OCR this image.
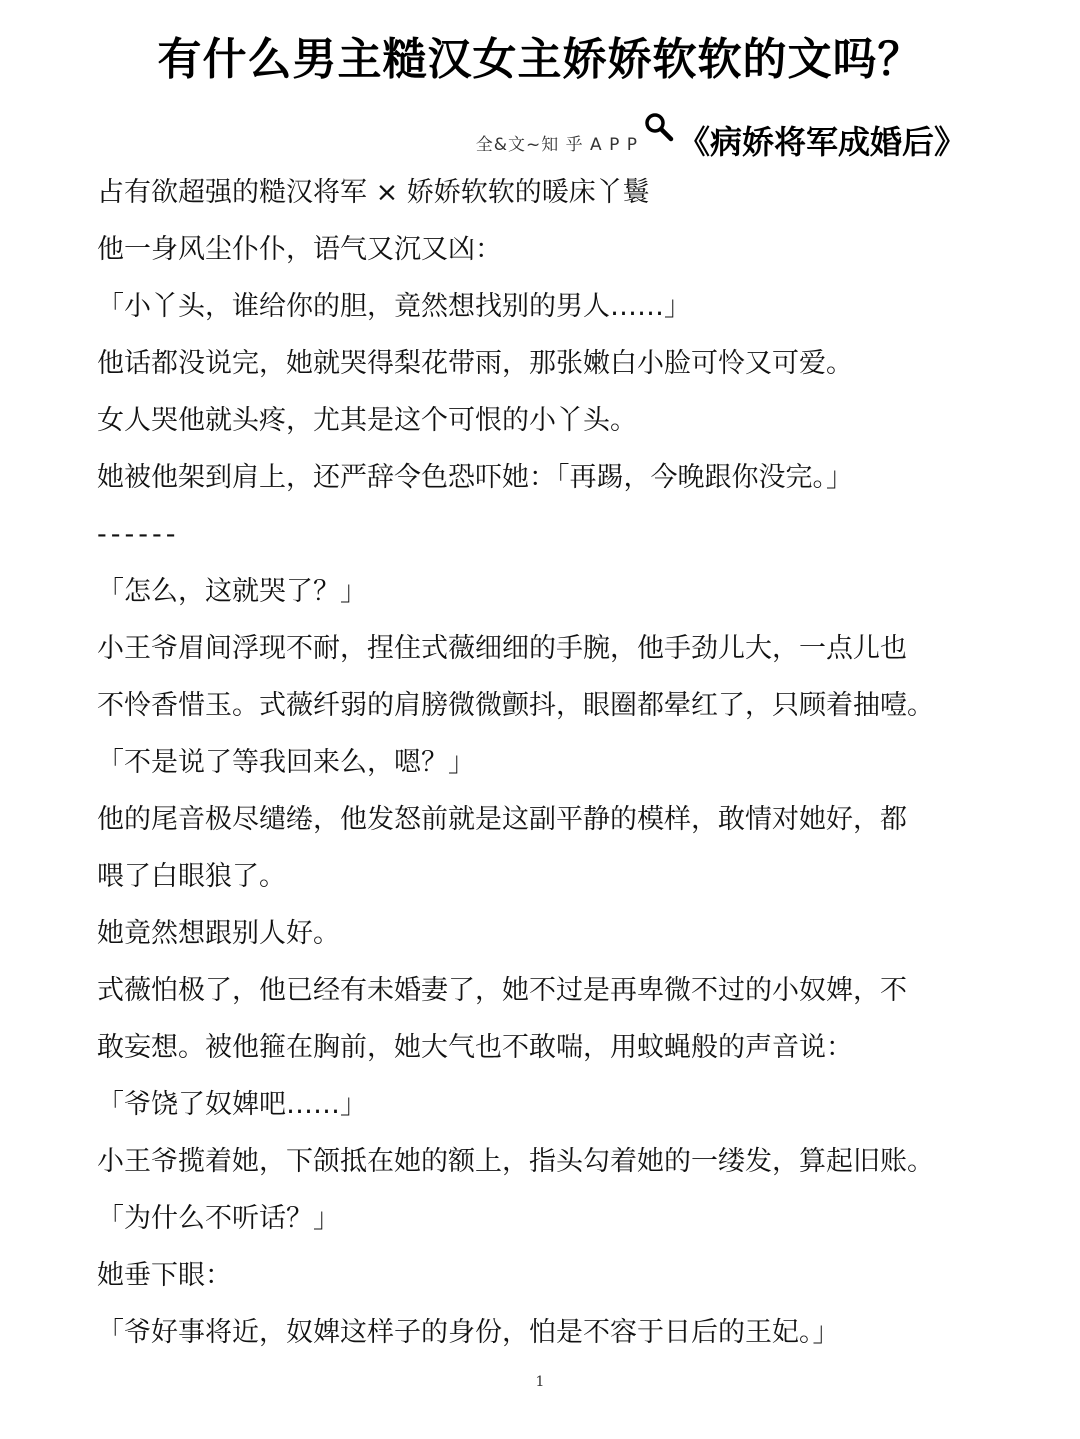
有什么男主糙汉女主娇娇软软的文吗？
全&文~知 乎 A P P 《病娇将军成婚后》

占有欲超强的糙汉将军 × 娇娇软软的暖床丫鬟

他一身风尘仆仆，语气又沉又凶：

「小丫头，谁给你的胆，竟然想找别的男人……」

他话都没说完，她就哭得梨花带雨，那张嫩白小脸可怜又可爱。

女人哭他就头疼，尤其是这个可恨的小丫头。

她被他架到肩上，还严辞令色恐吓她：「再踢，今晚跟你没完。」

------

「怎么，这就哭了？」

小王爷眉间浮现不耐，捏住式薇细细的手腕，他手劲儿大，一点儿也

不怜香惜玉。式薇纤弱的肩膀微微颤抖，眼圈都晕红了，只顾着抽噎。

「不是说了等我回来么，嗯？」

他的尾音极尽缱绻，他发怒前就是这副平静的模样，敢情对她好，都

喂了白眼狼了。

她竟然想跟别人好。

式薇怕极了，他已经有未婚妻了，她不过是再卑微不过的小奴婢，不

敢妄想。被他箍在胸前，她大气也不敢喘，用蚊蝇般的声音说：

「爷饶了奴婢吧……」

小王爷揽着她，下颌抵在她的额上，指头勾着她的一缕发，算起旧账。

「为什么不听话？」

她垂下眼：

「爷好事将近，奴婢这样子的身份，怕是不容于日后的王妃。」

1
